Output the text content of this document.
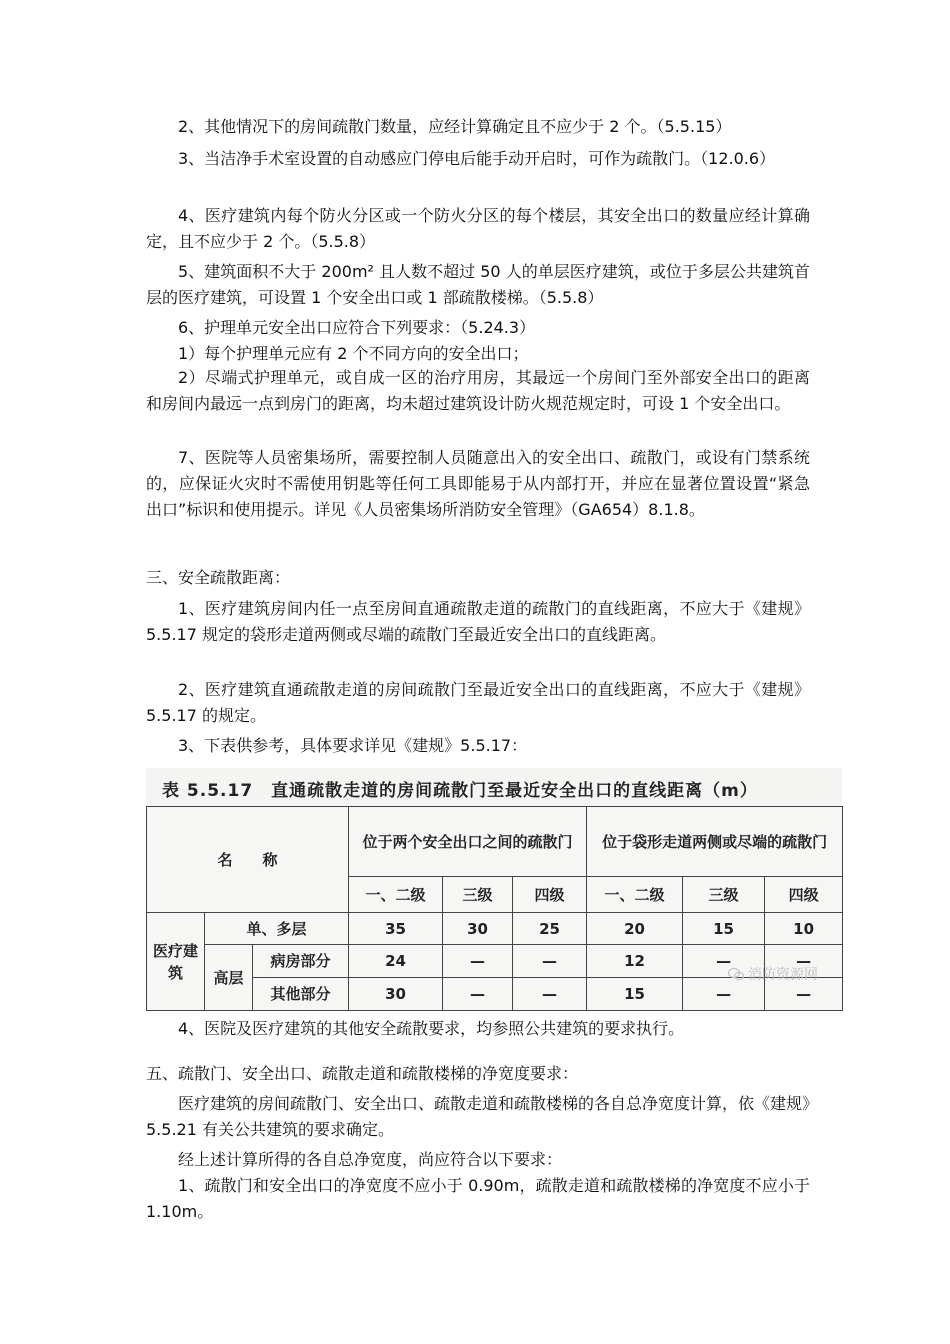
2、其他情况下的房间疏散门数量，应经计算确定且不应少于 2 个。（5.5.15）

3、当洁净手术室设置的自动感应门停电后能手动开启时，可作为疏散门。（12.0.6）

4、医疗建筑内每个防火分区或一个防火分区的每个楼层，其安全出口的数量应经计算确定，且不应少于 2 个。（5.5.8）

5、建筑面积不大于 200m² 且人数不超过 50 人的单层医疗建筑，或位于多层公共建筑首层的医疗建筑，可设置 1 个安全出口或 1 部疏散楼梯。（5.5.8）

6、护理单元安全出口应符合下列要求：（5.24.3）

1）每个护理单元应有 2 个不同方向的安全出口；

2）尽端式护理单元，或自成一区的治疗用房，其最远一个房间门至外部安全出口的距离和房间内最远一点到房门的距离，均未超过建筑设计防火规范规定时，可设 1 个安全出口。

7、医院等人员密集场所，需要控制人员随意出入的安全出口、疏散门，或设有门禁系统的，应保证火灾时不需使用钥匙等任何工具即能易于从内部打开，并应在显著位置设置“紧急出口”标识和使用提示。详见《人员密集场所消防安全管理》（GA654）8.1.8。

三、安全疏散距离：

1、医疗建筑房间内任一点至房间直通疏散走道的疏散门的直线距离，不应大于《建规》5.5.17 规定的袋形走道两侧或尽端的疏散门至最近安全出口的直线距离。

2、医疗建筑直通疏散走道的房间疏散门至最近安全出口的直线距离，不应大于《建规》5.5.17 的规定。

3、下表供参考，具体要求详见《建规》5.5.17：

表 5.5.17　直通疏散走道的房间疏散门至最近安全出口的直线距离（m）
名　　称			位于两个安全出口之间的疏散门			位于袋形走道两侧或尽端的疏散门		
			一、二级	三级	四级	一、二级	三级	四级
医疗建筑	单、多层		35	30	25	20	15	10
	高层	病房部分	24	—	—	12	—	—
		其他部分	30	—	—	15	—	—
消防资源网

4、医院及医疗建筑的其他安全疏散要求，均参照公共建筑的要求执行。

五、疏散门、安全出口、疏散走道和疏散楼梯的净宽度要求：

医疗建筑的房间疏散门、安全出口、疏散走道和疏散楼梯的各自总净宽度计算，依《建规》5.5.21 有关公共建筑的要求确定。

经上述计算所得的各自总净宽度，尚应符合以下要求：

1、疏散门和安全出口的净宽度不应小于 0.90m，疏散走道和疏散楼梯的净宽度不应小于 1.10m。
